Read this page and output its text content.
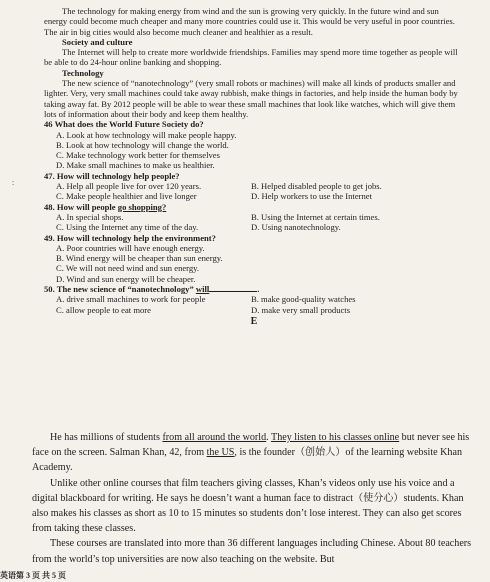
:

The technology for making energy from wind and the sun is growing very quickly. In the future wind and sun energy could become much cheaper and many more countries could use it. This would be very useful in poor countries. The air in big cities would also become much cleaner and healthier as a result.

Society and culture

The Internet will help to create more worldwide friendships. Families may spend more time together as people will be able to do 24-hour online banking and shopping.

Technology

The new science of “nanotechnology” (very small robots or machines) will make all kinds of products smaller and lighter. Very, very small machines could take away rubbish, make things in factories, and help inside the human body by taking away fat. By 2012 people will be able to wear these small machines that look like watches, which will give them lots of information about their body and keep them healthy.

46 What does the World Future Society do?

A. Look at how technology will make people happy.

B. Look at how technology will change the world.

C. Make technology work better for themselves

D. Make small machines to make us healthier.

47. How will technology help people?

A. Help all people live for over 120 years.	B. Helped disabled people to get jobs.
C. Make people healthier and live longer	D. Help workers to use the Internet

48. How will people go shopping?

A. In special shops.	B. Using the Internet at certain times.
C. Using the Internet any time of the day.	D. Using nanotechnology.

49. How will technology help the environment?

A. Poor countries will have enough energy.

B. Wind energy will be cheaper than sun energy.

C. We will not need wind and sun energy.

D. Wind and sun energy will be cheaper.

50. The new science of “nanotechnology” will	.

A. drive small machines to work for people	B. make good-quality watches
C. allow people to eat more	D. make very small products
E

He has millions of students from all around the world. They listen to his classes online but never see his face on the screen. Salman Khan, 42, from the US, is the founder（创始人）of the learning website Khan Academy.

Unlike other online courses that film teachers giving classes, Khan’s videos only use his voice and a digital blackboard for writing. He says he doesn’t want a human face to distract（使分心）students. Khan also makes his classes as short as 10 to 15 minutes so students don’t lose interest. They can also get scores from taking these classes.

These courses are translated into more than 36 different languages including Chinese. About 80 teachers from the world’s top universities are now also teaching on the website. But

英语第 3 页 共 5 页
